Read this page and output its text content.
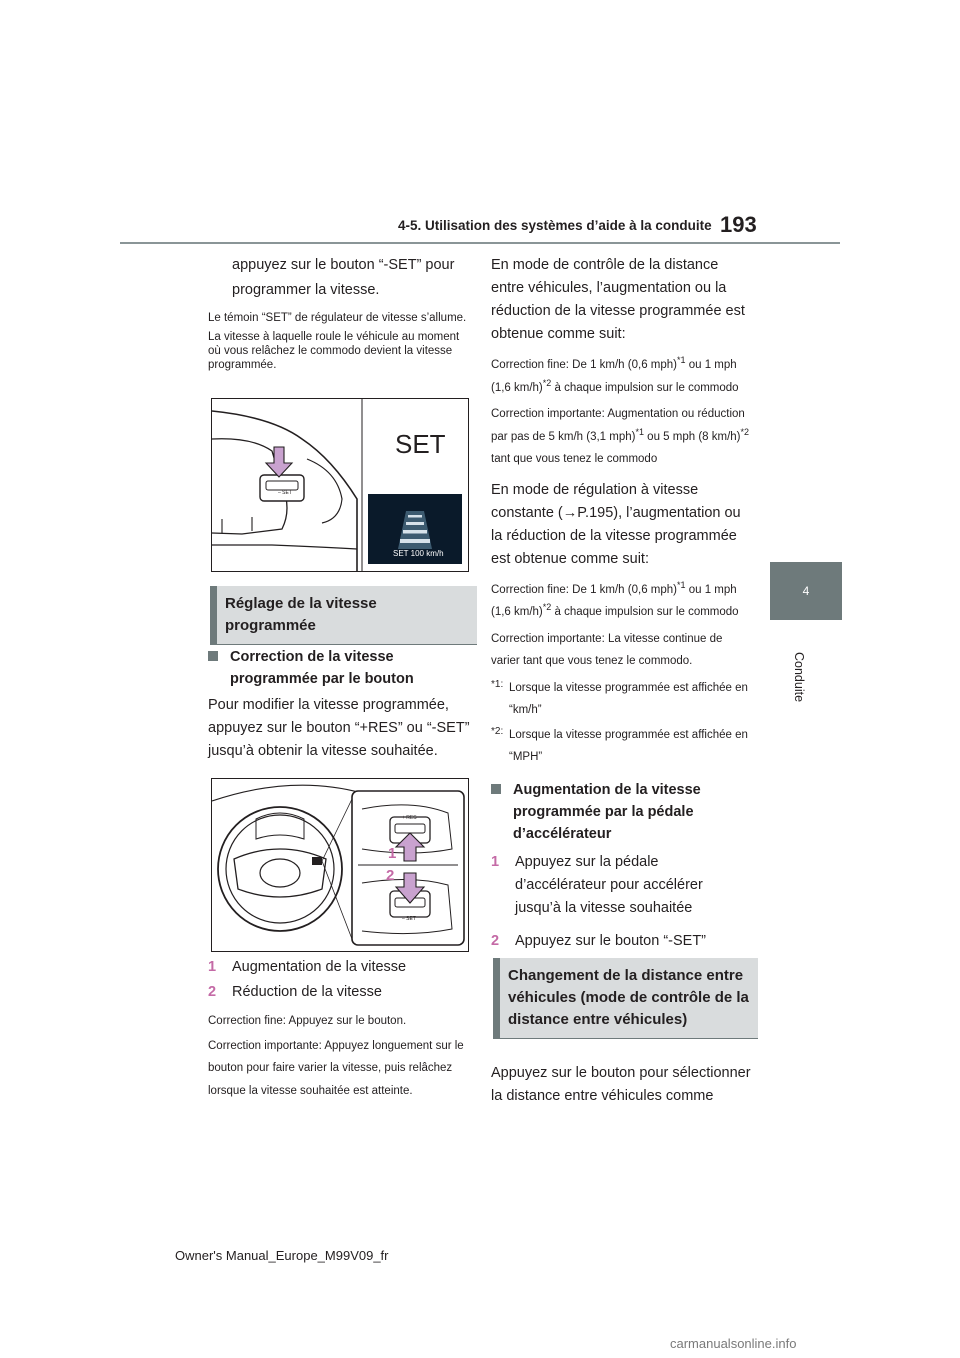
4-5. Utilisation des systèmes d’aide à la conduite 193
4
Conduite

appuyez sur le bouton “-SET” pour

programmer la vitesse.

Le témoin “SET” de régulateur de vitesse s’allume.

La vitesse à laquelle roule le véhicule au moment où vous relâchez le commodo devient la vitesse programmée.

SET
SET 100 km/h
– SET
Réglage de la vitesse programmée

Correction de la vitesse programmée par le bouton

Pour modifier la vitesse programmée, appuyez sur le bouton “+RES” ou “-SET” jusqu’à obtenir la vitesse souhaitée.

+ RES
– SET
1
2

1 Augmentation de la vitesse

2 Réduction de la vitesse

Correction fine: Appuyez sur le bouton.

Correction importante: Appuyez longuement sur le bouton pour faire varier la vitesse, puis relâchez lorsque la vitesse souhaitée est atteinte.

En mode de contrôle de la distance entre véhicules, l’augmentation ou la réduction de la vitesse programmée est obtenue comme suit:

Correction fine: De 1 km/h (0,6 mph)$^{*1}$ ou 1 mph (1,6 km/h)$^{*2}$ à chaque impulsion sur le commodo

Correction importante: Augmentation ou réduction par pas de 5 km/h (3,1 mph)$^{*1}$ ou 5 mph (8 km/h)$^{*2}$ tant que vous tenez le commodo

En mode de régulation à vitesse constante (→P.195), l’augmentation ou la réduction de la vitesse programmée est obtenue comme suit:

Correction fine: De 1 km/h (0,6 mph)$^{*1}$ ou 1 mph (1,6 km/h)$^{*2}$ à chaque impulsion sur le commodo

Correction importante: La vitesse continue de varier tant que vous tenez le commodo.

*1: Lorsque la vitesse programmée est affichée en “km/h”

*2: Lorsque la vitesse programmée est affichée en “MPH”

Augmentation de la vitesse programmée par la pédale d’accélérateur

1 Appuyez sur la pédale d’accélérateur pour accélérer jusqu’à la vitesse souhaitée

2 Appuyez sur le bouton “-SET”

Changement de la distance entre véhicules (mode de contrôle de la distance entre véhicules)

Appuyez sur le bouton pour sélectionner la distance entre véhicules comme

Owner's Manual_Europe_M99V09_fr
carmanualsonline.info
